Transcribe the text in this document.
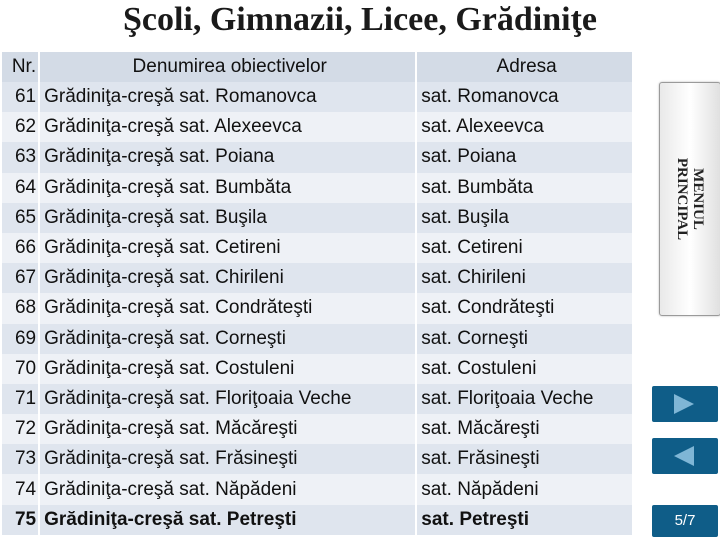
Şcoli, Gimnazii, Licee, Grădiniţe
Nr.	Denumirea obiectivelor	Adresa
61	Grădiniţa-creşă sat. Romanovca	sat. Romanovca
62	Grădiniţa-creşă sat. Alexeevca	sat. Alexeevca
63	Grădiniţa-creşă sat. Poiana	sat. Poiana
64	Grădiniţa-creşă sat. Bumbăta	sat. Bumbăta
65	Grădiniţa-creşă sat. Buşila	sat. Buşila
66	Grădiniţa-creşă sat. Cetireni	sat. Cetireni
67	Grădiniţa-creşă sat. Chirileni	sat. Chirileni
68	Grădiniţa-creşă sat. Condrăteşti	sat. Condrăteşti
69	Grădiniţa-creşă sat. Corneşti	sat. Corneşti
70	Grădiniţa-creşă sat. Costuleni	sat. Costuleni
71	Grădiniţa-creşă sat. Floriţoaia Veche	sat. Floriţoaia Veche
72	Grădiniţa-creşă sat. Măcăreşti	sat. Măcăreşti
73	Grădiniţa-creşă sat. Frăsineşti	sat. Frăsineşti
74	Grădiniţa-creşă sat. Năpădeni	sat. Năpădeni
75	Grădiniţa-creşă sat. Petreşti	sat. Petreşti
MENIUL
PRINCIPAL
5/7
